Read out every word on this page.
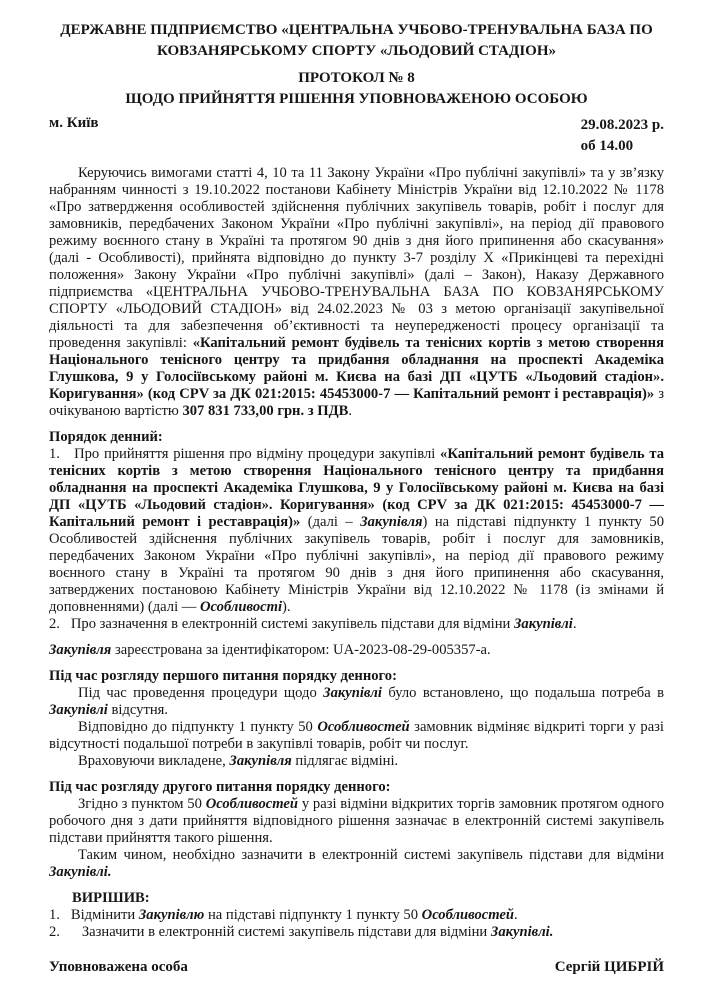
ДЕРЖАВНЕ ПІДПРИЄМСТВО «ЦЕНТРАЛЬНА УЧБОВО-ТРЕНУВАЛЬНА БАЗА ПО КОВЗАНЯРСЬКОМУ СПОРТУ «ЛЬОДОВИЙ СТАДІОН»
ПРОТОКОЛ № 8
ЩОДО ПРИЙНЯТТЯ РІШЕННЯ УПОВНОВАЖЕНОЮ ОСОБОЮ
м. Київ	29.08.2023 р.
об 14.00

Керуючись вимогами статті 4, 10 та 11 Закону України «Про публічні закупівлі» та у зв’язку набранням чинності з 19.10.2022 постанови Кабінету Міністрів України від 12.10.2022 № 1178 «Про затвердження особливостей здійснення публічних закупівель товарів, робіт і послуг для замовників, передбачених Законом України «Про публічні закупівлі», на період дії правового режиму воєнного стану в Україні та протягом 90 днів з дня його припинення або скасування» (далі - Особливості), прийнята відповідно до пункту 3-7 розділу X «Прикінцеві та перехідні положення» Закону України «Про публічні закупівлі» (далі – Закон), Наказу Державного підприємства «ЦЕНТРАЛЬНА УЧБОВО-ТРЕНУВАЛЬНА БАЗА ПО КОВЗАНЯРСЬКОМУ СПОРТУ «ЛЬОДОВИЙ СТАДІОН» від 24.02.2023 № 03 з метою організації закупівельної діяльності та для забезпечення об’єктивності та неупередженості процесу організації та проведення закупівлі: «Капітальний ремонт будівель та тенісних кортів з метою створення Національного тенісного центру та придбання обладнання на проспекті Академіка Глушкова, 9 у Голосіївському районі м. Києва на базі ДП «ЦУТБ «Льодовий стадіон». Коригування» (код CPV за ДК 021:2015: 45453000-7 — Капітальний ремонт і реставрація)» з очікуваною вартістю 307 831 733,00 грн. з ПДВ.

Порядок денний:

1.   Про прийняття рішення про відміну процедури закупівлі «Капітальний ремонт будівель та тенісних кортів з метою створення Національного тенісного центру та придбання обладнання на проспекті Академіка Глушкова, 9 у Голосіївському районі м. Києва на базі ДП «ЦУТБ «Льодовий стадіон». Коригування» (код CPV за ДК 021:2015: 45453000-7 — Капітальний ремонт і реставрація)» (далі – Закупівля) на підставі підпункту 1 пункту 50 Особливостей здійснення публічних закупівель товарів, робіт і послуг для замовників, передбачених Законом України «Про публічні закупівлі», на період дії правового режиму воєнного стану в Україні та протягом 90 днів з дня його припинення або скасування, затверджених постановою Кабінету Міністрів України від 12.10.2022 № 1178 (із змінами й доповненнями) (далі — Особливості).

2.   Про зазначення в електронній системі закупівель підстави для відміни Закупівлі.

Закупівля зареєстрована за ідентифікатором: UA-2023-08-29-005357-a.

Під час розгляду першого питання порядку денного:

Під час проведення процедури щодо Закупівлі було встановлено, що подальша потреба в Закупівлі відсутня.

Відповідно до підпункту 1 пункту 50 Особливостей замовник відміняє відкриті торги у разі відсутності подальшої потреби в закупівлі товарів, робіт чи послуг.

Враховуючи викладене, Закупівля підлягає відміні.

Під час розгляду другого питання порядку денного:

Згідно з пунктом 50 Особливостей у разі відміни відкритих торгів замовник протягом одного робочого дня з дати прийняття відповідного рішення зазначає в електронній системі закупівель підстави прийняття такого рішення.

Таким чином, необхідно зазначити в електронній системі закупівель підстави для відміни Закупівлі.

ВИРІШИВ:

1.   Відмінити Закупівлю на підставі підпункту 1 пункту 50 Особливостей.

2.      Зазначити в електронній системі закупівель підстави для відміни Закупівлі.

Уповноважена особа	Сергій ЦИБРІЙ
